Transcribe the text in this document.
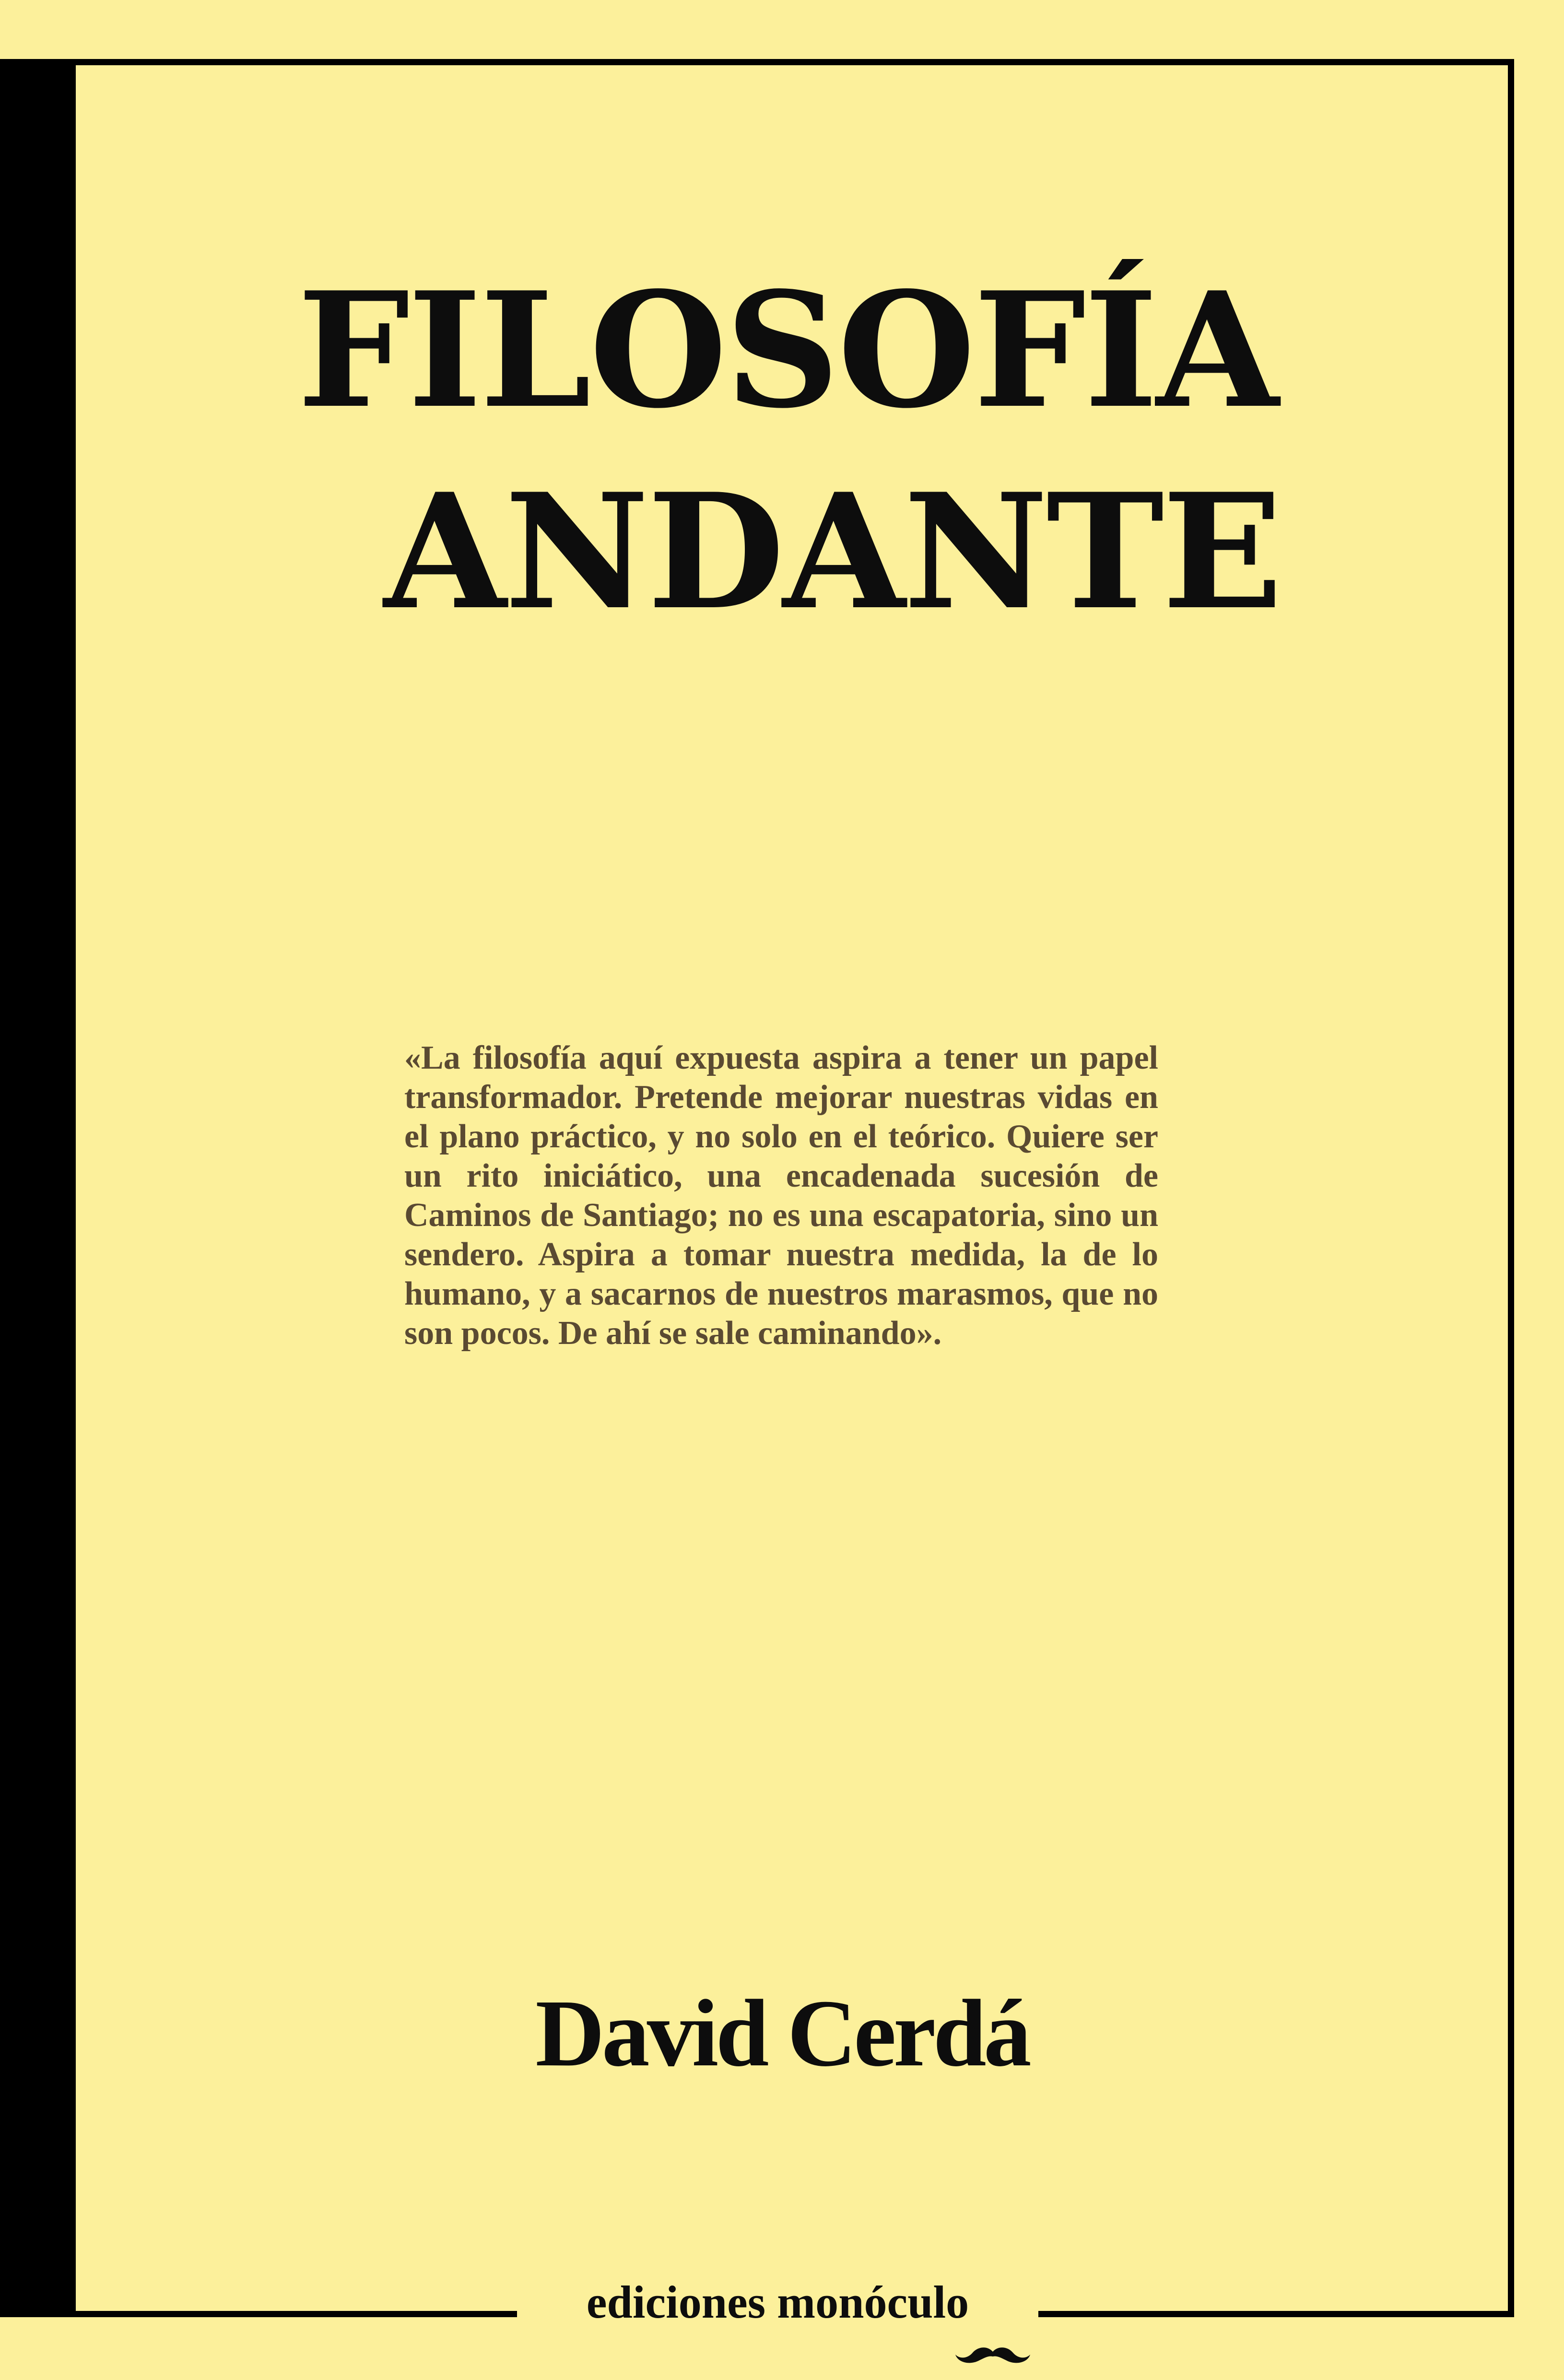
FILOSOFÍA
ANDANTE

«La filosofía aquí expuesta aspira a tener un papel transformador. Pretende mejorar nuestras vidas en el plano práctico, y no solo en el teórico. Quiere ser un rito iniciático, una encadenada sucesión de Caminos de Santiago; no es una escapatoria, sino un sendero. Aspira a tomar nuestra medida, la de lo humano, y a sacarnos de nuestros marasmos, que no son pocos. De ahí se sale caminando».

David Cerdá
ediciones monóculo
